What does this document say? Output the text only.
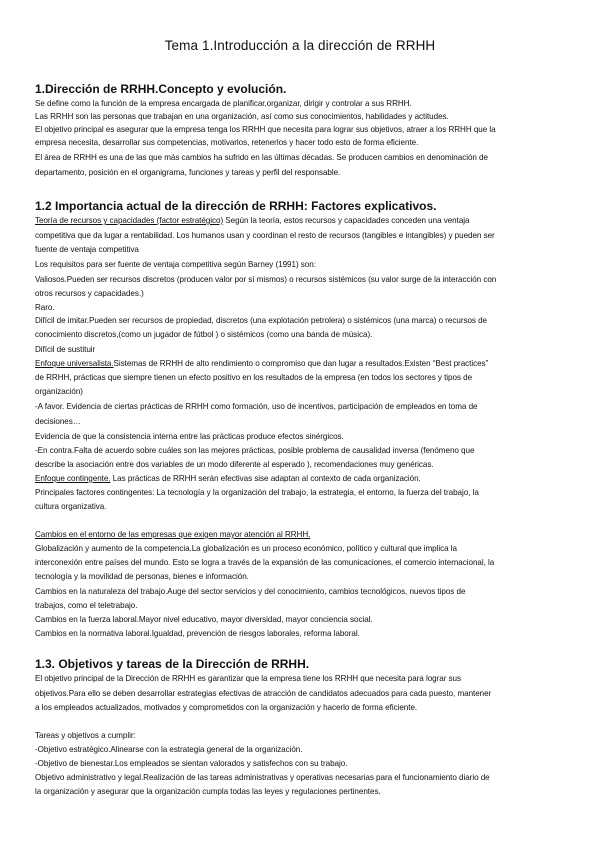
Tema 1.Introducción a la dirección de RRHH
1.Dirección de RRHH.Concepto y evolución.
Se define como la función de la empresa encargada de planificar,organizar, dirigir y controlar a sus RRHH.
Las RRHH son las personas que trabajan en una organización, así como sus conocimientos, habilidades y actitudes.
El objetivo principal es asegurar que la empresa tenga los RRHH que necesita para lograr sus objetivos, atraer a los RRHH que la
empresa necesita, desarrollar sus competencias, motivarlos, retenerlos y hacer todo esto de forma eficiente.
El área de RRHH es una de las que más cambios ha sufrido en las últimas décadas. Se producen cambios en denominación de
departamento, posición en el organigrama, funciones y tareas y perfil del responsable.
1.2 Importancia actual de la dirección de RRHH: Factores explicativos.
Teoría de recursos y capacidades (factor estratégico) Según la teoría, estos recursos y capacidades conceden una ventaja
competitiva que da lugar a rentabilidad. Los humanos usan y coordinan el resto de recursos (tangibles e intangibles) y pueden ser
fuente de ventaja competitiva
Los requisitos para ser fuente de ventaja competitiva según Barney (1991) son:
Valiosos.Pueden ser recursos discretos (producen valor por sí mismos) o recursos sistémicos (su valor surge de la interacción con
otros recursos y capacidades.)
Raro.
Difícil de imitar.Pueden ser recursos de propiedad, discretos (una explotación petrolera) o sistémicos (una marca) o recursos de
conocimiento discretos,(como un jugador de fútbol ) o sistémicos (como una banda de música).
Difícil de sustituir
Enfoque universalista.Sistemas de RRHH de alto rendimiento o compromiso que dan lugar a resultados.Existen “Best practices”
de RRHH, prácticas que siempre tienen un efecto positivo en los resultados de la empresa (en todos los sectores y tipos de
organización)
-A favor. Evidencia de ciertas prácticas de RRHH como formación, uso de incentivos, participación de empleados en toma de
decisiones…
Evidencia de que la consistencia interna entre las prácticas produce efectos sinérgicos.
-En contra.Falta de acuerdo sobre cuáles son las mejores prácticas, posible problema de causalidad inversa (fenómeno que
describe la asociación entre dos variables de un modo diferente al esperado ), recomendaciones muy genéricas.
Enfoque contingente. Las prácticas de RRHH serán efectivas sise adaptan al contexto de cada organización.
Principales factores contingentes: La tecnología y la organización del trabajo, la estrategia, el entorno, la fuerza del trabajo, la
cultura organizativa.
Cambios en el entorno de las empresas que exigen mayor atención al RRHH.
Globalización y aumento de la competencia.La globalización es un proceso económico, político y cultural que implica la
interconexión entre países del mundo. Esto se logra a través de la expansión de las comunicaciones, el comercio internacional, la
tecnología y la movilidad de personas, bienes e información.
Cambios en la naturaleza del trabajo.Auge del sector servicios y del conocimiento, cambios tecnológicos, nuevos tipos de
trabajos, como el teletrabajo.
Cambios en la fuerza laboral.Mayor nivel educativo, mayor diversidad, mayor conciencia social.
Cambios en la normativa laboral.Igualdad, prevención de riesgos laborales, reforma laboral.
1.3. Objetivos y tareas de la Dirección de RRHH.
El objetivo principal de la Dirección de RRHH es garantizar que la empresa tiene los RRHH que necesita para lograr sus
objetivos.Para ello se deben desarrollar estrategias efectivas de atracción de candidatos adecuados para cada puesto, mantener
a los empleados actualizados, motivados y comprometidos con la organización y hacerlo de forma eficiente.
Tareas y objetivos a cumplir:
-Objetivo estratégico.Alinearse con la estrategia general de la organización.
-Objetivo de bienestar.Los empleados se sientan valorados y satisfechos con su trabajo.
Objetivo administrativo y legal.Realización de las tareas administrativas y operativas necesarias para el funcionamiento diario de
la organización y asegurar que la organización cumpla todas las leyes y regulaciones pertinentes.
